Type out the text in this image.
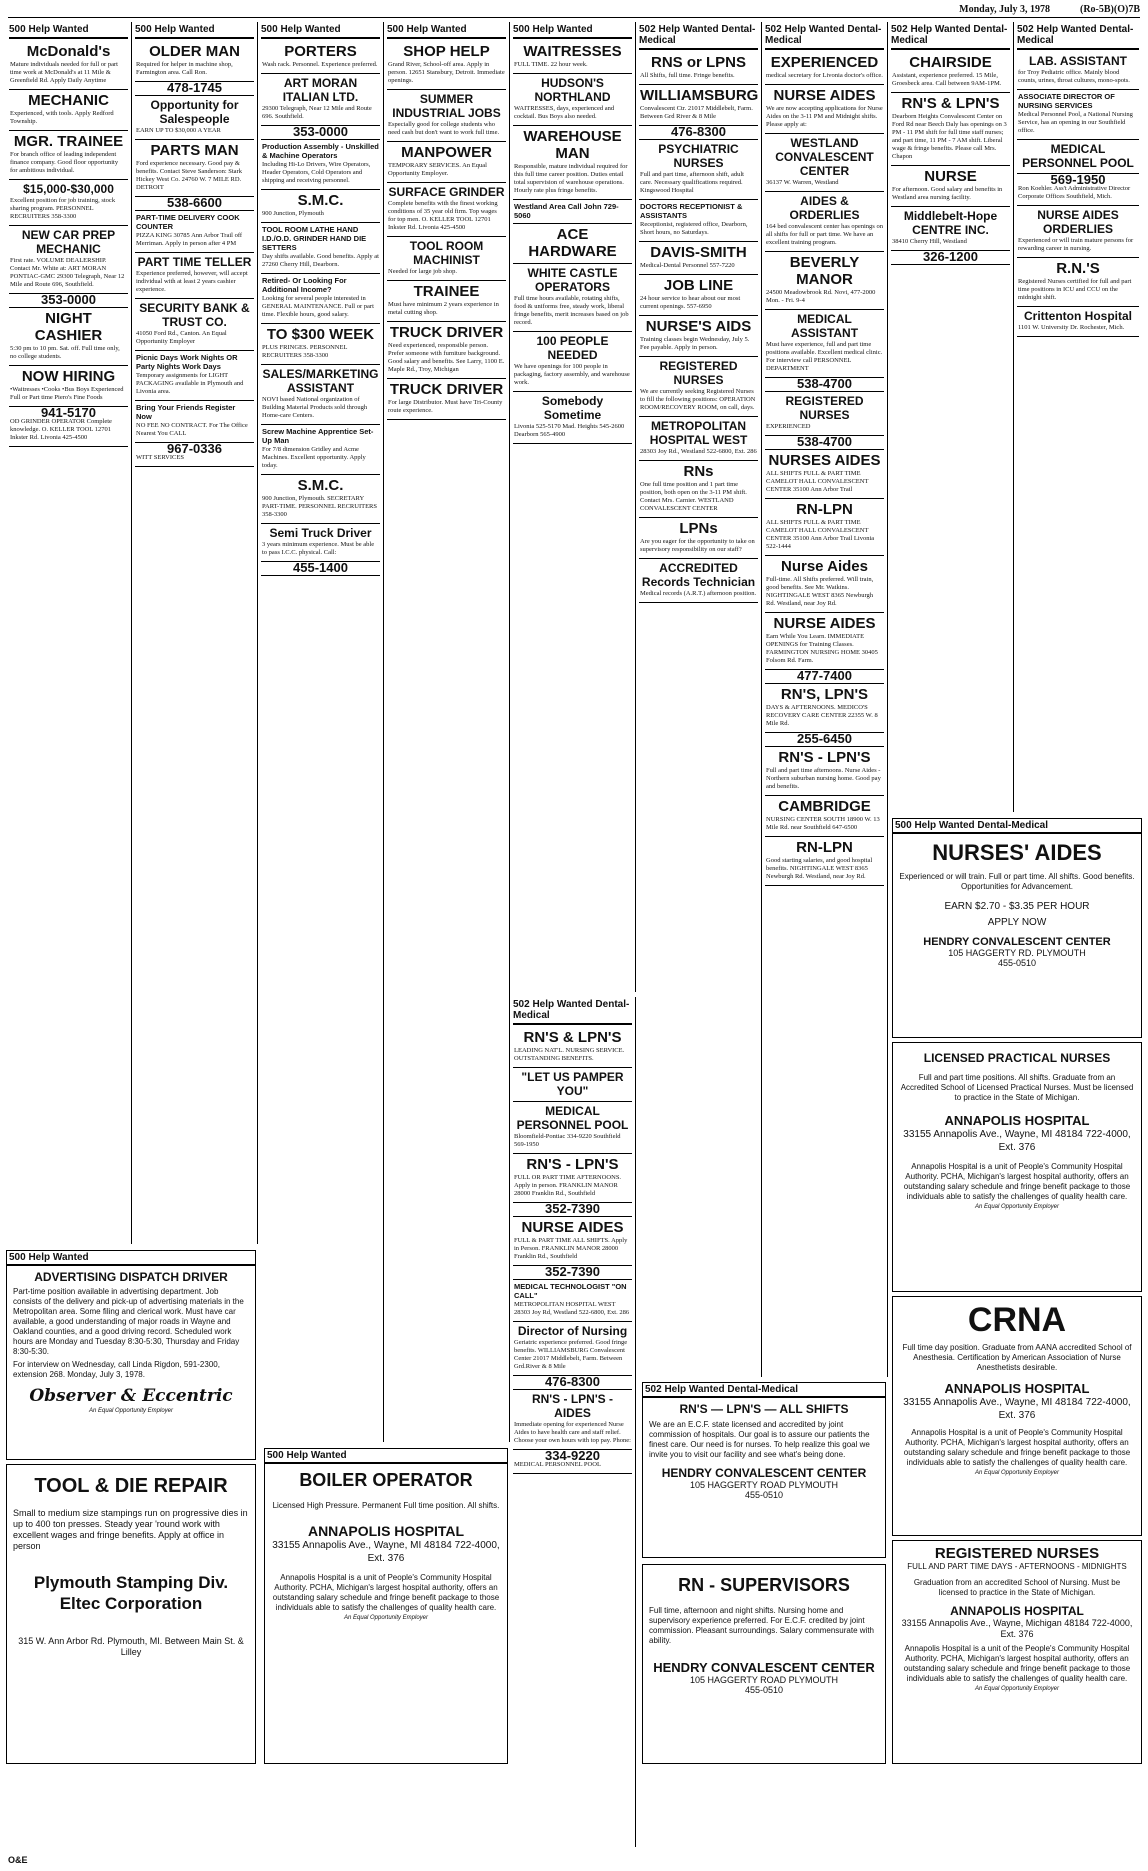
Monday, July 3, 1978	(Ro-5B)(O)7B
500 Help Wanted
McDonald's

Mature individuals needed for full or part time work at McDonald's at 11 Mile & Greenfield Rd. Apply Daily Anytime

MECHANIC

Experienced, with tools. Apply Redford Township.

MGR. TRAINEE

For branch office of leading independent finance company. Good floor opportunity for ambitious individual.

$15,000-$30,000

Excellent position for job training, stock sharing program. PERSONNEL RECRUITERS 358-3300

NEW CAR PREP MECHANIC

First rate. VOLUME DEALERSHIP. Contact Mr. White at: ART MORAN PONTIAC-GMC 29300 Telegraph, Near 12 Mile and Route 696, Southfield.

353-0000
NIGHT CASHIER

5:30 pm to 10 pm. Sat. off. Full time only, no college students.

NOW HIRING

•Waitresses •Cooks •Bus Boys Experienced Full or Part time Piero's Fine Foods

941-5170

OD GRINDER OPERATOR Complete knowledge. O. KELLER TOOL 12701 Inkster Rd. Livonia 425-4500

500 Help Wanted
OLDER MAN

Required for helper in machine shop, Farmington area. Call Ron.

478-1745
Opportunity for Salespeople

EARN UP TO $30,000 A YEAR

PARTS MAN

Ford experience necessary. Good pay & benefits. Contact Steve Sanderson: Stark Hickey West Co. 24760 W. 7 MILE RD. DETROIT

538-6600
PART-TIME DELIVERY COOK COUNTER

PIZZA KING 30785 Ann Arbor Trail off Merriman. Apply in person after 4 PM

PART TIME TELLER

Experience preferred, however, will accept individual with at least 2 years cashier experience.

SECURITY BANK & TRUST CO.

41050 Ford Rd., Canton. An Equal Opportunity Employer

Picnic Days Work Nights OR Party Nights Work Days

Temporary assignments for LIGHT PACKAGING available in Plymouth and Livonia area.

Bring Your Friends Register Now

NO FEE NO CONTRACT. For The Office Nearest You CALL

967-0336

WITT SERVICES

500 Help Wanted
PORTERS

Wash rack. Personnel. Experience preferred.

ART MORAN ITALIAN LTD.

29300 Telegraph, Near 12 Mile and Route 696. Southfield.

353-0000
Production Assembly - Unskilled & Machine Operators

Including Hi-Lo Drivers, Wire Operators, Header Operators, Cold Operators and shipping and receiving personnel.

S.M.C.

900 Junction, Plymouth

TOOL ROOM LATHE HAND I.D./O.D. GRINDER HAND DIE SETTERS

Day shifts available. Good benefits. Apply at 27260 Cherry Hill, Dearborn.

Retired- Or Looking For Additional Income?

Looking for several people interested in GENERAL MAINTENANCE. Full or part time. Flexible hours, good salary.

TO $300 WEEK

PLUS FRINGES. PERSONNEL RECRUITERS 358-3300

SALES/MARKETING ASSISTANT

NOVI based National organization of Building Material Products sold through Home-care Centers.

Screw Machine Apprentice Set-Up Man

For 7/8 dimension Gridley and Acme Machines. Excellent opportunity. Apply today.

S.M.C.

900 Junction, Plymouth. SECRETARY PART-TIME. PERSONNEL RECRUITERS 358-3300

Semi Truck Driver

3 years minimum experience. Must be able to pass I.C.C. physical. Call:

455-1400
500 Help Wanted
SHOP HELP

Grand River, School-off area. Apply in person. 12651 Stansbury, Detroit. Immediate openings.

SUMMER INDUSTRIAL JOBS

Especially good for college students who need cash but don't want to work full time.

MANPOWER

TEMPORARY SERVICES. An Equal Opportunity Employer.

SURFACE GRINDER

Complete benefits with the finest working conditions of 35 year old firm. Top wages for top men. O. KELLER TOOL 12701 Inkster Rd. Livonia 425-4500

TOOL ROOM MACHINIST

Needed for large job shop.

TRAINEE

Must have minimum 2 years experience in metal cutting shop.

TRUCK DRIVER

Need experienced, responsible person. Prefer someone with furniture background. Good salary and benefits. See Larry, 1100 E. Maple Rd., Troy, Michigan

TRUCK DRIVER

For large Distributor. Must have Tri-County route experience.

500 Help Wanted
WAITRESSES

FULL TIME. 22 hour week.

HUDSON'S NORTHLAND

WAITRESSES, days, experienced and cocktail. Bus Boys also needed.

WAREHOUSE MAN

Responsible, mature individual required for this full time career position. Duties entail total supervision of warehouse operations. Hourly rate plus fringe benefits.

Westland Area Call John 729-5060
ACE HARDWARE
WHITE CASTLE OPERATORS

Full time hours available, rotating shifts, food & uniforms free, steady work, liberal fringe benefits, merit increases based on job record.

100 PEOPLE NEEDED

We have openings for 100 people in packaging, factory assembly, and warehouse work.

Somebody Sometime

Livonia 525-5170 Mad. Heights 545-2600 Dearborn 565-4900

502 Help Wanted Dental-Medical
RN'S & LPN'S

LEADING NAT'L. NURSING SERVICE. OUTSTANDING BENEFITS.

"LET US PAMPER YOU"
MEDICAL PERSONNEL POOL

Bloomfield-Pontiac 334-9220 Southfield 569-1950

RN'S - LPN'S

FULL OR PART TIME AFTERNOONS. Apply in person. FRANKLIN MANOR 28000 Franklin Rd., Southfield

352-7390
NURSE AIDES

FULL & PART TIME ALL SHIFTS. Apply in Person. FRANKLIN MANOR 28000 Franklin Rd., Southfield

352-7390
MEDICAL TECHNOLOGIST "ON CALL"

METROPOLITAN HOSPITAL WEST 28303 Joy Rd, Westland 522-6800, Ext. 286

Director of Nursing

Geriatric experience preferred. Good fringe benefits. WILLIAMSBURG Convalescent Center 21017 Middlebelt, Farm. Between Grd.River & 8 Mile

476-8300
RN'S - LPN'S - AIDES

Immediate opening for experienced Nurse Aides to have health care and staff relief. Choose your own hours with top pay. Phone:

334-9220

MEDICAL PERSONNEL POOL

502 Help Wanted Dental-Medical
RNS or LPNS

All Shifts, full time. Fringe benefits.

WILLIAMSBURG

Convalescent Ctr. 21017 Middlebelt, Farm. Between Grd River & 8 Mile

476-8300
PSYCHIATRIC NURSES

Full and part time, afternoon shift, adult care. Necessary qualifications required. Kingswood Hospital

DOCTORS RECEPTIONIST & ASSISTANTS

Receptionist, registered office, Dearborn, Short hours, no Saturdays.

DAVIS-SMITH

Medical-Dental Personnel 557-7220

JOB LINE

24 hour service to hear about our most current openings. 557-6950

NURSE'S AIDS

Training classes begin Wednesday, July 5. Fee payable. Apply in person.

REGISTERED NURSES

We are currently seeking Registered Nurses to fill the following positions: OPERATION ROOM/RECOVERY ROOM, on call, days.

METROPOLITAN HOSPITAL WEST

28303 Joy Rd., Westland 522-6800, Ext. 286

RNs

One full time position and 1 part time position, both open on the 3-11 PM shift. Contact Mrs. Carnier. WESTLAND CONVALESCENT CENTER

LPNs

Are you eager for the opportunity to take on supervisory responsibility on our staff?

ACCREDITED Records Technician

Medical records (A.R.T.) afternoon position.

502 Help Wanted Dental-Medical
EXPERIENCED

medical secretary for Livonia doctor's office.

NURSE AIDES

We are now accepting applications for Nurse Aides on the 3-11 PM and Midnight shifts. Please apply at:

WESTLAND CONVALESCENT CENTER

36137 W. Warren, Westland

AIDES & ORDERLIES

164 bed convalescent center has openings on all shifts for full or part time. We have an excellent training program.

BEVERLY MANOR

24500 Meadowbrook Rd. Novi, 477-2000 Mon. - Fri. 9-4

MEDICAL ASSISTANT

Must have experience, full and part time positions available. Excellent medical clinic. For interview call PERSONNEL DEPARTMENT

538-4700
REGISTERED NURSES

EXPERIENCED

538-4700
NURSES AIDES

ALL SHIFTS FULL & PART TIME CAMELOT HALL CONVALESCENT CENTER 35100 Ann Arbor Trail

RN-LPN

ALL SHIFTS FULL & PART TIME CAMELOT HALL CONVALESCENT CENTER 35100 Ann Arbor Trail Livonia 522-1444

Nurse Aides

Full-time. All Shifts preferred. Will train, good benefits. See Mr. Watkins. NIGHTINGALE WEST 8365 Newburgh Rd. Westland, near Joy Rd.

NURSE AIDES

Earn While You Learn. IMMEDIATE OPENINGS for Training Classes. FARMINGTON NURSING HOME 30405 Folsom Rd. Farm.

477-7400
RN'S, LPN'S

DAYS & AFTERNOONS. MEDICO'S RECOVERY CARE CENTER 22355 W. 8 Mile Rd.

255-6450
RN'S - LPN'S

Full and part time afternoons. Nurse Aides - Northern suburban nursing home. Good pay and benefits.

CAMBRIDGE

NURSING CENTER SOUTH 18900 W. 13 Mile Rd. near Southfield 647-6500

RN-LPN

Good starting salaries, and good hospital benefits. NIGHTINGALE WEST 8365 Newburgh Rd. Westland, near Joy Rd.

502 Help Wanted Dental-Medical
CHAIRSIDE

Assistant, experience preferred. 15 Mile, Groesbeck area. Call between 9AM-1PM.

RN'S & LPN'S

Dearborn Heights Convalescent Center on Ford Rd near Beech Daly has openings on 3 PM - 11 PM shift for full time staff nurses; and part time, 11 PM - 7 AM shift. Liberal wage & fringe benefits. Please call Mrs. Chapon

NURSE

For afternoon. Good salary and benefits in Westland area nursing facility.

Middlebelt-Hope CENTRE INC.

38410 Cherry Hill, Westland

326-1200
502 Help Wanted Dental-Medical
LAB. ASSISTANT

for Troy Pediatric office. Mainly blood counts, urines, throat cultures, mono-spots.

ASSOCIATE DIRECTOR OF NURSING SERVICES

Medical Personnel Pool, a National Nursing Service, has an opening in our Southfield office.

MEDICAL PERSONNEL POOL
569-1950

Ron Koehler. Ass't Administrative Director Corporate Offices Southfield, Mich.

NURSE AIDES ORDERLIES

Experienced or will train mature persons for rewarding career in nursing.

R.N.'S

Registered Nurses certified for full and part time positions in ICU and CCU on the midnight shift.

Crittenton Hospital

1101 W. University Dr. Rochester, Mich.

500 Help Wanted
ADVERTISING DISPATCH DRIVER
Part-time position available in advertising department. Job consists of the delivery and pick-up of advertising materials in the Metropolitan area. Some filing and clerical work. Must have car available, a good understanding of major roads in Wayne and Oakland counties, and a good driving record. Scheduled work hours are Monday and Tuesday 8:30-5:30, Thursday and Friday 8:30-5:30.
For interview on Wednesday, call Linda Rigdon, 591-2300, extension 268. Monday, July 3, 1978.
Observer & Eccentric
An Equal Opportunity Employer
TOOL & DIE REPAIR
Small to medium size stampings run on progressive dies in up to 400 ton presses. Steady year 'round work with excellent wages and fringe benefits. Apply at office in person
Plymouth Stamping Div. Eltec Corporation
315 W. Ann Arbor Rd. Plymouth, MI. Between Main St. & Lilley
500 Help Wanted
BOILER OPERATOR
Licensed High Pressure. Permanent Full time position. All shifts.
ANNAPOLIS HOSPITAL
33155 Annapolis Ave., Wayne, MI 48184 722-4000, Ext. 376
Annapolis Hospital is a unit of People's Community Hospital Authority. PCHA, Michigan's largest hospital authority, offers an outstanding salary schedule and fringe benefit package to those individuals able to satisfy the challenges of quality health care.
An Equal Opportunity Employer
502 Help Wanted Dental-Medical
RN'S — LPN'S — ALL SHIFTS
We are an E.C.F. state licensed and accredited by joint commission of hospitals. Our goal is to assure our patients the finest care. Our need is for nurses. To help realize this goal we invite you to visit our facility and see what's being done.
HENDRY CONVALESCENT CENTER
105 HAGGERTY ROAD PLYMOUTH
455-0510
RN - SUPERVISORS
Full time, afternoon and night shifts. Nursing home and supervisory experience preferred. For E.C.F. credited by joint commission. Pleasant surroundings. Salary commensurate with ability.
HENDRY CONVALESCENT CENTER
105 HAGGERTY ROAD PLYMOUTH
455-0510
500 Help Wanted Dental-Medical
NURSES' AIDES
Experienced or will train. Full or part time. All shifts. Good benefits. Opportunities for Advancement.
EARN $2.70 - $3.35 PER HOUR
APPLY NOW
HENDRY CONVALESCENT CENTER
105 HAGGERTY RD. PLYMOUTH
455-0510
LICENSED PRACTICAL NURSES
Full and part time positions. All shifts. Graduate from an Accredited School of Licensed Practical Nurses. Must be licensed to practice in the State of Michigan.
ANNAPOLIS HOSPITAL
33155 Annapolis Ave., Wayne, MI 48184 722-4000, Ext. 376
Annapolis Hospital is a unit of People's Community Hospital Authority. PCHA, Michigan's largest hospital authority, offers an outstanding salary schedule and fringe benefit package to those individuals able to satisfy the challenges of quality health care.
An Equal Opportunity Employer
CRNA
Full time day position. Graduate from AANA accredited School of Anesthesia. Certification by American Association of Nurse Anesthetists desirable.
ANNAPOLIS HOSPITAL
33155 Annapolis Ave., Wayne, MI 48184 722-4000, Ext. 376
Annapolis Hospital is a unit of People's Community Hospital Authority. PCHA, Michigan's largest hospital authority, offers an outstanding salary schedule and fringe benefit package to those individuals able to satisfy the challenges of quality health care.
An Equal Opportunity Employer
REGISTERED NURSES
FULL AND PART TIME DAYS - AFTERNOONS - MIDNIGHTS
Graduation from an accredited School of Nursing. Must be licensed to practice in the State of Michigan.
ANNAPOLIS HOSPITAL
33155 Annapolis Ave., Wayne, Michigan 48184 722-4000, Ext. 376
Annapolis Hospital is a unit of the People's Community Hospital Authority. PCHA, Michigan's largest hospital authority, offers an outstanding salary schedule and fringe benefit package to those individuals able to satisfy the challenges of quality health care.
An Equal Opportunity Employer
O&E
